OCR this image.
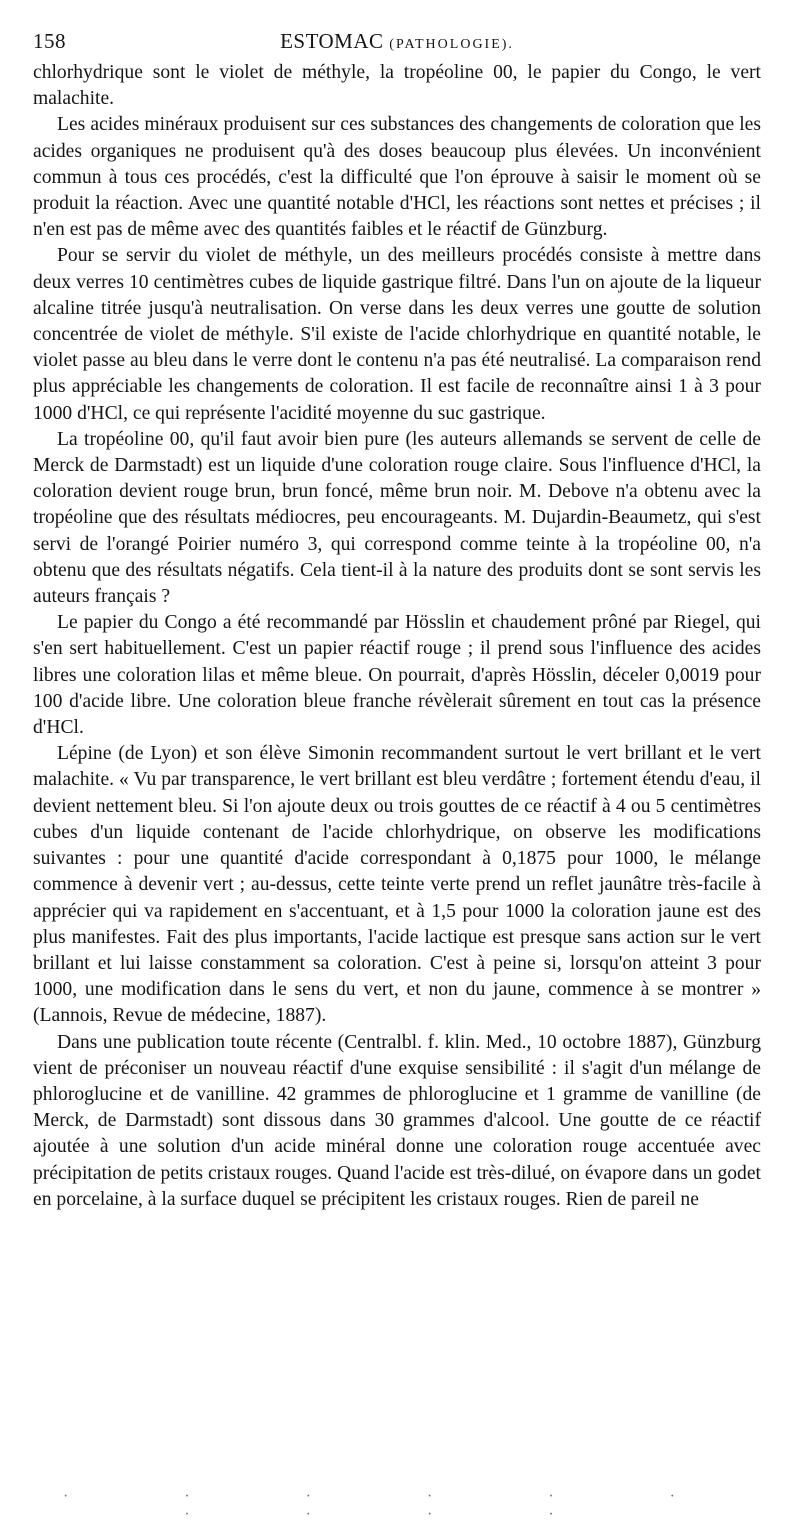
158	ESTOMAC (PATHOLOGIE).

chlorhydrique sont le violet de méthyle, la tropéoline 00, le papier du Congo, le vert malachite.

Les acides minéraux produisent sur ces substances des changements de coloration que les acides organiques ne produisent qu'à des doses beaucoup plus élevées. Un inconvénient commun à tous ces procédés, c'est la difficulté que l'on éprouve à saisir le moment où se produit la réaction. Avec une quantité notable d'HCl, les réactions sont nettes et précises ; il n'en est pas de même avec des quantités faibles et le réactif de Günzburg.

Pour se servir du violet de méthyle, un des meilleurs procédés consiste à mettre dans deux verres 10 centimètres cubes de liquide gastrique filtré. Dans l'un on ajoute de la liqueur alcaline titrée jusqu'à neutralisation. On verse dans les deux verres une goutte de solution concentrée de violet de méthyle. S'il existe de l'acide chlorhydrique en quantité notable, le violet passe au bleu dans le verre dont le contenu n'a pas été neutralisé. La comparaison rend plus appréciable les changements de coloration. Il est facile de reconnaître ainsi 1 à 3 pour 1000 d'HCl, ce qui représente l'acidité moyenne du suc gastrique.

La tropéoline 00, qu'il faut avoir bien pure (les auteurs allemands se servent de celle de Merck de Darmstadt) est un liquide d'une coloration rouge claire. Sous l'influence d'HCl, la coloration devient rouge brun, brun foncé, même brun noir. M. Debove n'a obtenu avec la tropéoline que des résultats médiocres, peu encourageants. M. Dujardin-Beaumetz, qui s'est servi de l'orangé Poirier numéro 3, qui correspond comme teinte à la tropéoline 00, n'a obtenu que des résultats négatifs. Cela tient-il à la nature des produits dont se sont servis les auteurs français ?

Le papier du Congo a été recommandé par Hösslin et chaudement prôné par Riegel, qui s'en sert habituellement. C'est un papier réactif rouge ; il prend sous l'influence des acides libres une coloration lilas et même bleue. On pourrait, d'après Hösslin, déceler 0,0019 pour 100 d'acide libre. Une coloration bleue franche révèlerait sûrement en tout cas la présence d'HCl.

Lépine (de Lyon) et son élève Simonin recommandent surtout le vert brillant et le vert malachite. « Vu par transparence, le vert brillant est bleu verdâtre ; fortement étendu d'eau, il devient nettement bleu. Si l'on ajoute deux ou trois gouttes de ce réactif à 4 ou 5 centimètres cubes d'un liquide contenant de l'acide chlorhydrique, on observe les modifications suivantes : pour une quantité d'acide correspondant à 0,1875 pour 1000, le mélange commence à devenir vert ; au-dessus, cette teinte verte prend un reflet jaunâtre très-facile à apprécier qui va rapidement en s'accentuant, et à 1,5 pour 1000 la coloration jaune est des plus manifestes. Fait des plus importants, l'acide lactique est presque sans action sur le vert brillant et lui laisse constamment sa coloration. C'est à peine si, lorsqu'on atteint 3 pour 1000, une modification dans le sens du vert, et non du jaune, commence à se montrer » (Lannois, Revue de médecine, 1887).

Dans une publication toute récente (Centralbl. f. klin. Med., 10 octobre 1887), Günzburg vient de préconiser un nouveau réactif d'une exquise sensibilité : il s'agit d'un mélange de phloroglucine et de vanilline. 42 grammes de phloroglucine et 1 gramme de vanilline (de Merck, de Darmstadt) sont dissous dans 30 grammes d'alcool. Une goutte de ce réactif ajoutée à une solution d'un acide minéral donne une coloration rouge accentuée avec précipitation de petits cristaux rouges. Quand l'acide est très-dilué, on évapore dans un godet en porcelaine, à la surface duquel se précipitent les cristaux rouges. Rien de pareil ne

· · · · · · · · · ·
